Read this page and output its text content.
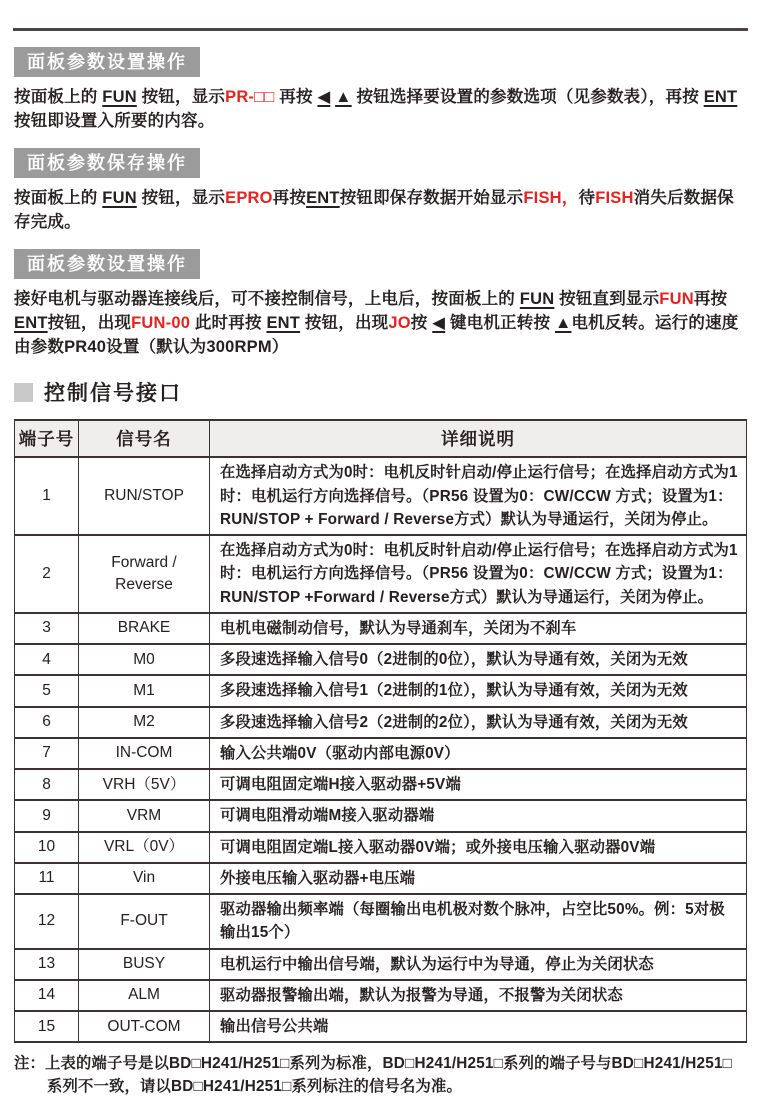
面板参数设置操作

按面板上的 FUN 按钮，显示PR-□□ 再按 ◀ ▲ 按钮选择要设置的参数选项（见参数表），再按 ENT 按钮即设置入所要的内容。

面板参数保存操作

按面板上的 FUN 按钮，显示EPRO再按ENT按钮即保存数据开始显示FISH，待FISH消失后数据保存完成。

面板参数设置操作

接好电机与驱动器连接线后，可不接控制信号，上电后，按面板上的 FUN 按钮直到显示FUN再按 ENT按钮，出现FUN-00 此时再按 ENT 按钮，出现JO按 ◀ 键电机正转按 ▲电机反转。运行的速度由参数PR40设置（默认为300RPM）

控制信号接口
端子号	信号名	详细说明
1	RUN/STOP	在选择启动方式为0时：电机反时针启动/停止运行信号；在选择启动方式为1时：电机运行方向选择信号。（PR56 设置为0：CW/CCW 方式；设置为1：RUN/STOP + Forward / Reverse方式）默认为导通运行，关闭为停止。
2	Forward / Reverse	在选择启动方式为0时：电机反时针启动/停止运行信号；在选择启动方式为1时：电机运行方向选择信号。（PR56 设置为0：CW/CCW 方式；设置为1：RUN/STOP +Forward / Reverse方式）默认为导通运行，关闭为停止。
3	BRAKE	电机电磁制动信号，默认为导通刹车，关闭为不刹车
4	M0	多段速选择输入信号0（2进制的0位），默认为导通有效，关闭为无效
5	M1	多段速选择输入信号1（2进制的1位），默认为导通有效，关闭为无效
6	M2	多段速选择输入信号2（2进制的2位），默认为导通有效，关闭为无效
7	IN-COM	输入公共端0V（驱动内部电源0V）
8	VRH（5V）	可调电阻固定端H接入驱动器+5V端
9	VRM	可调电阻滑动端M接入驱动器端
10	VRL（0V）	可调电阻固定端L接入驱动器0V端；或外接电压输入驱动器0V端
11	Vin	外接电压输入驱动器+电压端
12	F-OUT	驱动器输出频率端（每圈输出电机极对数个脉冲，占空比50%。例：5对极输出15个）
13	BUSY	电机运行中输出信号端，默认为运行中为导通，停止为关闭状态
14	ALM	驱动器报警输出端，默认为报警为导通，不报警为关闭状态
15	OUT-COM	输出信号公共端

注：上表的端子号是以BD□H241/H251□系列为标准，BD□H241/H251□系列的端子号与BD□H241/H251□系列不一致，请以BD□H241/H251□系列标注的信号名为准。
